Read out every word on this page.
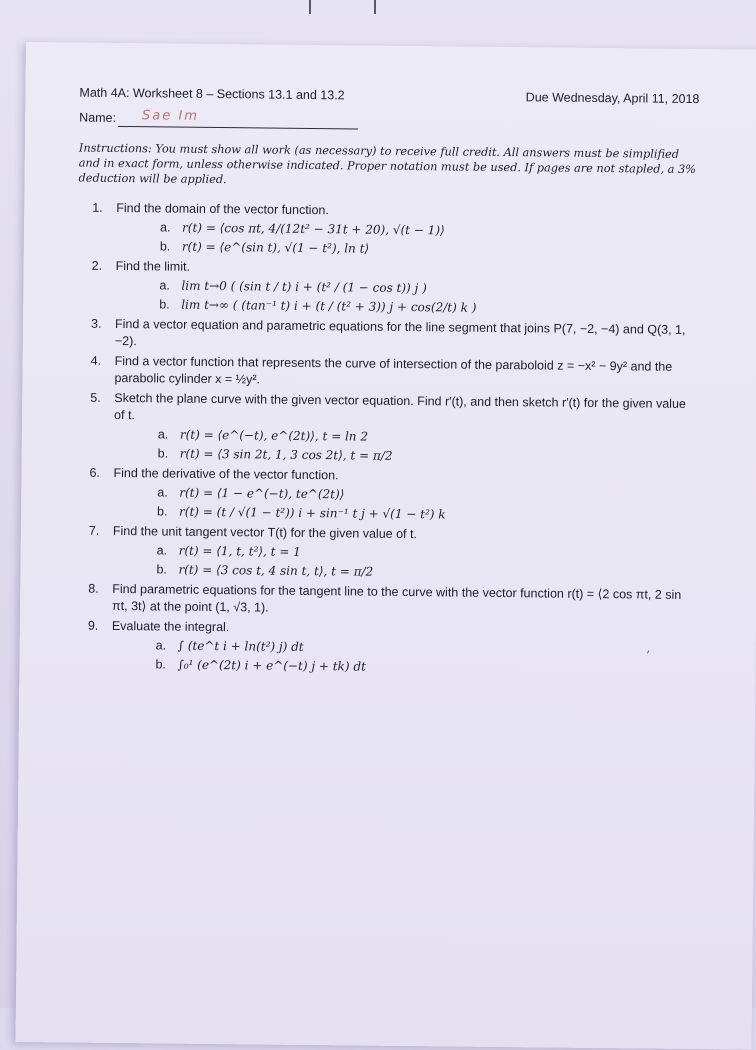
Math 4A: Worksheet 8 – Sections 13.1 and 13.2	Due Wednesday, April 11, 2018
Name: Sae Im
Instructions: You must show all work (as necessary) to receive full credit. All answers must be simplified and in exact form, unless otherwise indicated. Proper notation must be used. If pages are not stapled, a 3% deduction will be applied.
1. Find the domain of the vector function.
a. r(t) = ⟨cos πt, 4/(12t² − 31t + 20), √(t − 1)⟩
b. r(t) = ⟨e^(sin t), √(1 − t²), ln t⟩
2. Find the limit.
a. lim t→0 ( (sin t / t) i + (t² / (1 − cos t)) j )
b. lim t→∞ ( (tan⁻¹ t) i + (t / (t² + 3)) j + cos(2/t) k )
3. Find a vector equation and parametric equations for the line segment that joins P(7, −2, −4) and Q(3, 1, −2).
4. Find a vector function that represents the curve of intersection of the paraboloid z = −x² − 9y² and the parabolic cylinder x = ½y².
5. Sketch the plane curve with the given vector equation. Find r′(t), and then sketch r′(t) for the given value of t.
a. r(t) = ⟨e^(−t), e^(2t)⟩, t = ln 2
b. r(t) = ⟨3 sin 2t, 1, 3 cos 2t⟩, t = π/2
6. Find the derivative of the vector function.
a. r(t) = ⟨1 − e^(−t), te^(2t)⟩
b. r(t) = (t / √(1 − t²)) i + sin⁻¹ t j + √(1 − t²) k
7. Find the unit tangent vector T(t) for the given value of t.
a. r(t) = ⟨1, t, t²⟩, t = 1
b. r(t) = ⟨3 cos t, 4 sin t, t⟩, t = π/2
8. Find parametric equations for the tangent line to the curve with the vector function r(t) = ⟨2 cos πt, 2 sin πt, 3t⟩ at the point (1, √3, 1).
9. Evaluate the integral.
a. ∫ (te^t i + ln(t²) j) dt
b. ∫₀¹ (e^(2t) i + e^(−t) j + tk) dt
ʼ
